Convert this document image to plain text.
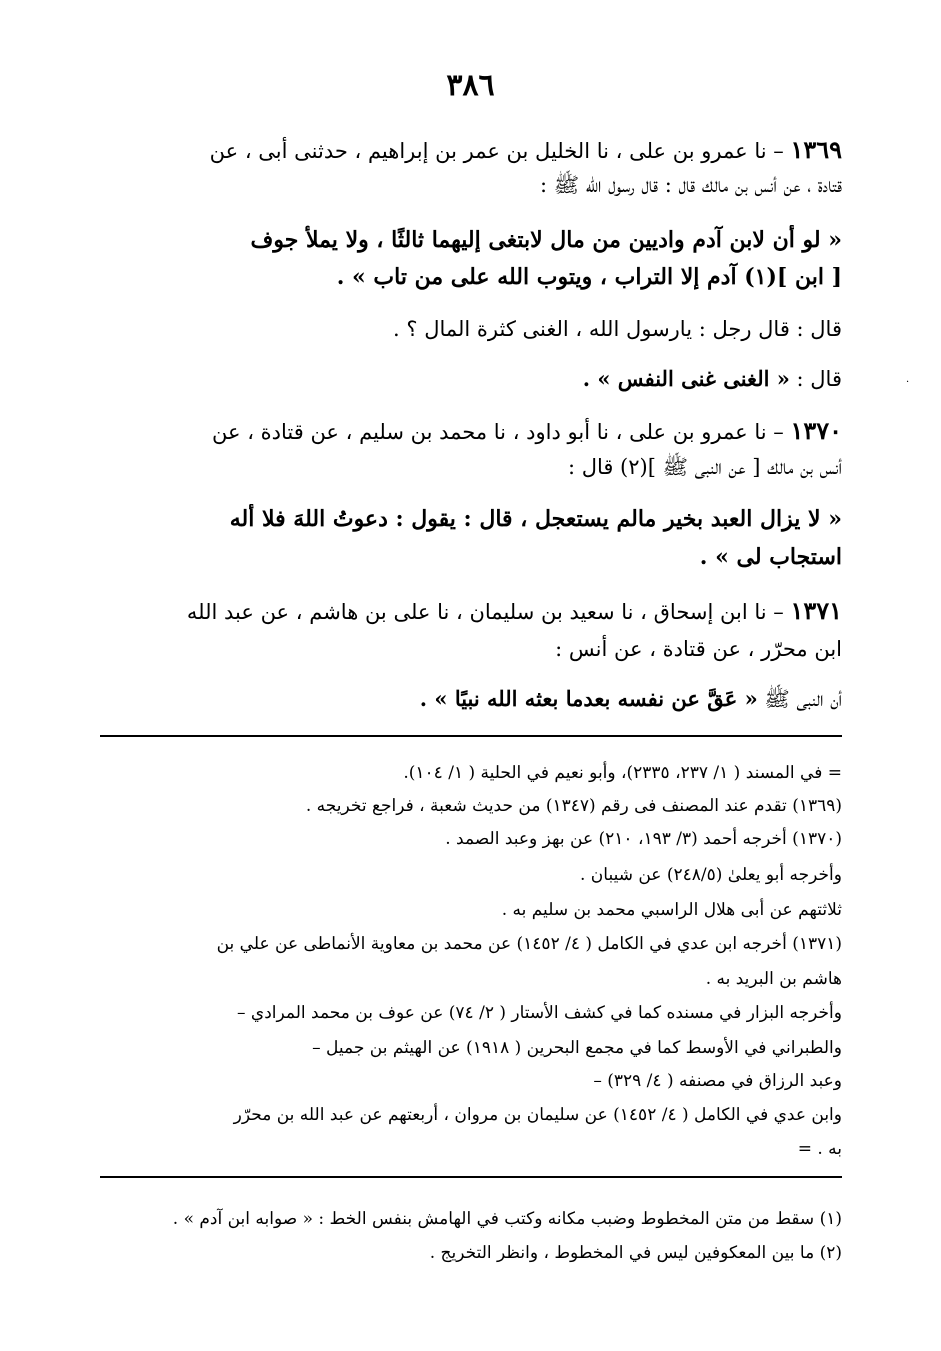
٣٨٦
١٣٦٩ – نا عمرو بن على ، نا الخليل بن عمر بن إبراهيم ، حدثنى أبى ، عن
قتادة ، عن أنس بن مالك قال : قال رسول الله ﷺ :
« لو أن لابن آدم واديين من مال لابتغى إليهما ثالثًا ، ولا يملأ جوف
[ ابن ](١) آدم إلا التراب ، ويتوب الله على من تاب » .
قال : قال رجل : يارسول الله ، الغنى كثرة المال ؟ .
قال : « الغنى غنى النفس » .	·
١٣٧٠ – نا عمرو بن على ، نا أبو داود ، نا محمد بن سليم ، عن قتادة ، عن
أنس بن مالك [ عن النبى ﷺ ](٢) قال :
« لا يزال العبد بخير مالم يستعجل ، قال : يقول : دعوتُ اللهَ فلا أله
استجاب لى » .
١٣٧١ – نا ابن إسحاق ، نا سعيد بن سليمان ، نا على بن هاشم ، عن عبد الله
ابن محرّر ، عن قتادة ، عن أنس :
أن النبى ﷺ « عَقَّ عن نفسه بعدما بعثه الله نبيًا » .
= في المسند ( ١/ ٢٣٧، ٢٣٣٥)، وأبو نعيم في الحلية ( ١/ ١٠٤).
(١٣٦٩) تقدم عند المصنف فى رقم (١٣٤٧) من حديث شعبة ، فراجع تخريجه .
(١٣٧٠) أخرجه أحمد (٣/ ١٩٣، ٢١٠) عن بهز وعبد الصمد .
وأخرجه أبو يعلىٰ (٢٤٨/٥) عن شيبان .
ثلاثتهم عن أبى هلال الراسبي محمد بن سليم به .
(١٣٧١) أخرجه ابن عدي في الكامل ( ٤/ ١٤٥٢) عن محمد بن معاوية الأنماطى عن علي بن
هاشم بن البريد به .
وأخرجه البزار في مسنده كما في كشف الأستار ( ٢/ ٧٤) عن عوف بن محمد المرادي –
والطبراني في الأوسط كما في مجمع البحرين ( ١٩١٨) عن الهيثم بن جميل –
وعبد الرزاق في مصنفه ( ٤/ ٣٢٩) –
وابن عدي في الكامل ( ٤/ ١٤٥٢) عن سليمان بن مروان ، أربعتهم عن عبد الله بن محرّر
به . =
(١) سقط من متن المخطوط وضبب مكانه وكتب في الهامش بنفس الخط : « صوابه ابن آدم » .
(٢) ما بين المعكوفين ليس في المخطوط ، وانظر التخريج .
